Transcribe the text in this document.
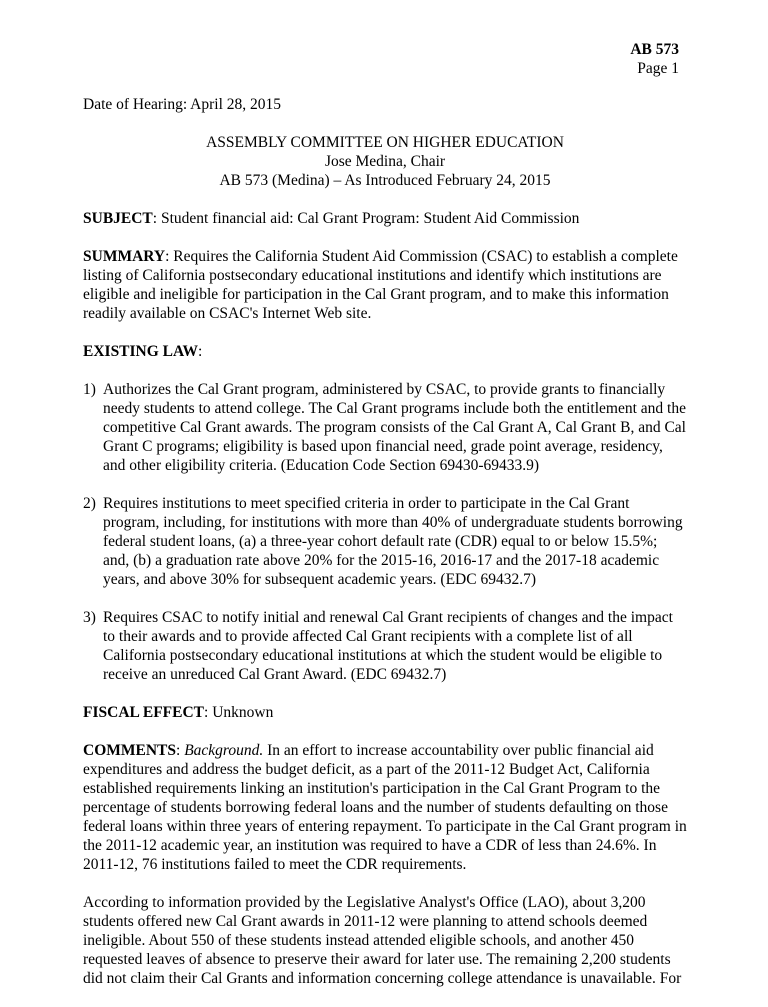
AB 573
Page 1
Date of Hearing: April 28, 2015
ASSEMBLY COMMITTEE ON HIGHER EDUCATION
Jose Medina, Chair
AB 573 (Medina) – As Introduced February 24, 2015

SUBJECT: Student financial aid: Cal Grant Program: Student Aid Commission

SUMMARY: Requires the California Student Aid Commission (CSAC) to establish a complete listing of California postsecondary educational institutions and identify which institutions are eligible and ineligible for participation in the Cal Grant program, and to make this information readily available on CSAC's Internet Web site.

EXISTING LAW:
1) Authorizes the Cal Grant program, administered by CSAC, to provide grants to financially needy students to attend college. The Cal Grant programs include both the entitlement and the competitive Cal Grant awards. The program consists of the Cal Grant A, Cal Grant B, and Cal Grant C programs; eligibility is based upon financial need, grade point average, residency, and other eligibility criteria. (Education Code Section 69430-69433.9)
2) Requires institutions to meet specified criteria in order to participate in the Cal Grant program, including, for institutions with more than 40% of undergraduate students borrowing federal student loans, (a) a three-year cohort default rate (CDR) equal to or below 15.5%; and, (b) a graduation rate above 20% for the 2015-16, 2016-17 and the 2017-18 academic years, and above 30% for subsequent academic years. (EDC 69432.7)
3) Requires CSAC to notify initial and renewal Cal Grant recipients of changes and the impact to their awards and to provide affected Cal Grant recipients with a complete list of all California postsecondary educational institutions at which the student would be eligible to receive an unreduced Cal Grant Award. (EDC 69432.7)

FISCAL EFFECT: Unknown

COMMENTS: Background. In an effort to increase accountability over public financial aid expenditures and address the budget deficit, as a part of the 2011-12 Budget Act, California established requirements linking an institution's participation in the Cal Grant Program to the percentage of students borrowing federal loans and the number of students defaulting on those federal loans within three years of entering repayment. To participate in the Cal Grant program in the 2011-12 academic year, an institution was required to have a CDR of less than 24.6%. In 2011-12, 76 institutions failed to meet the CDR requirements.

According to information provided by the Legislative Analyst's Office (LAO), about 3,200 students offered new Cal Grant awards in 2011-12 were planning to attend schools deemed ineligible. About 550 of these students instead attended eligible schools, and another 450 requested leaves of absence to preserve their award for later use. The remaining 2,200 students did not claim their Cal Grants and information concerning college attendance is unavailable. For
